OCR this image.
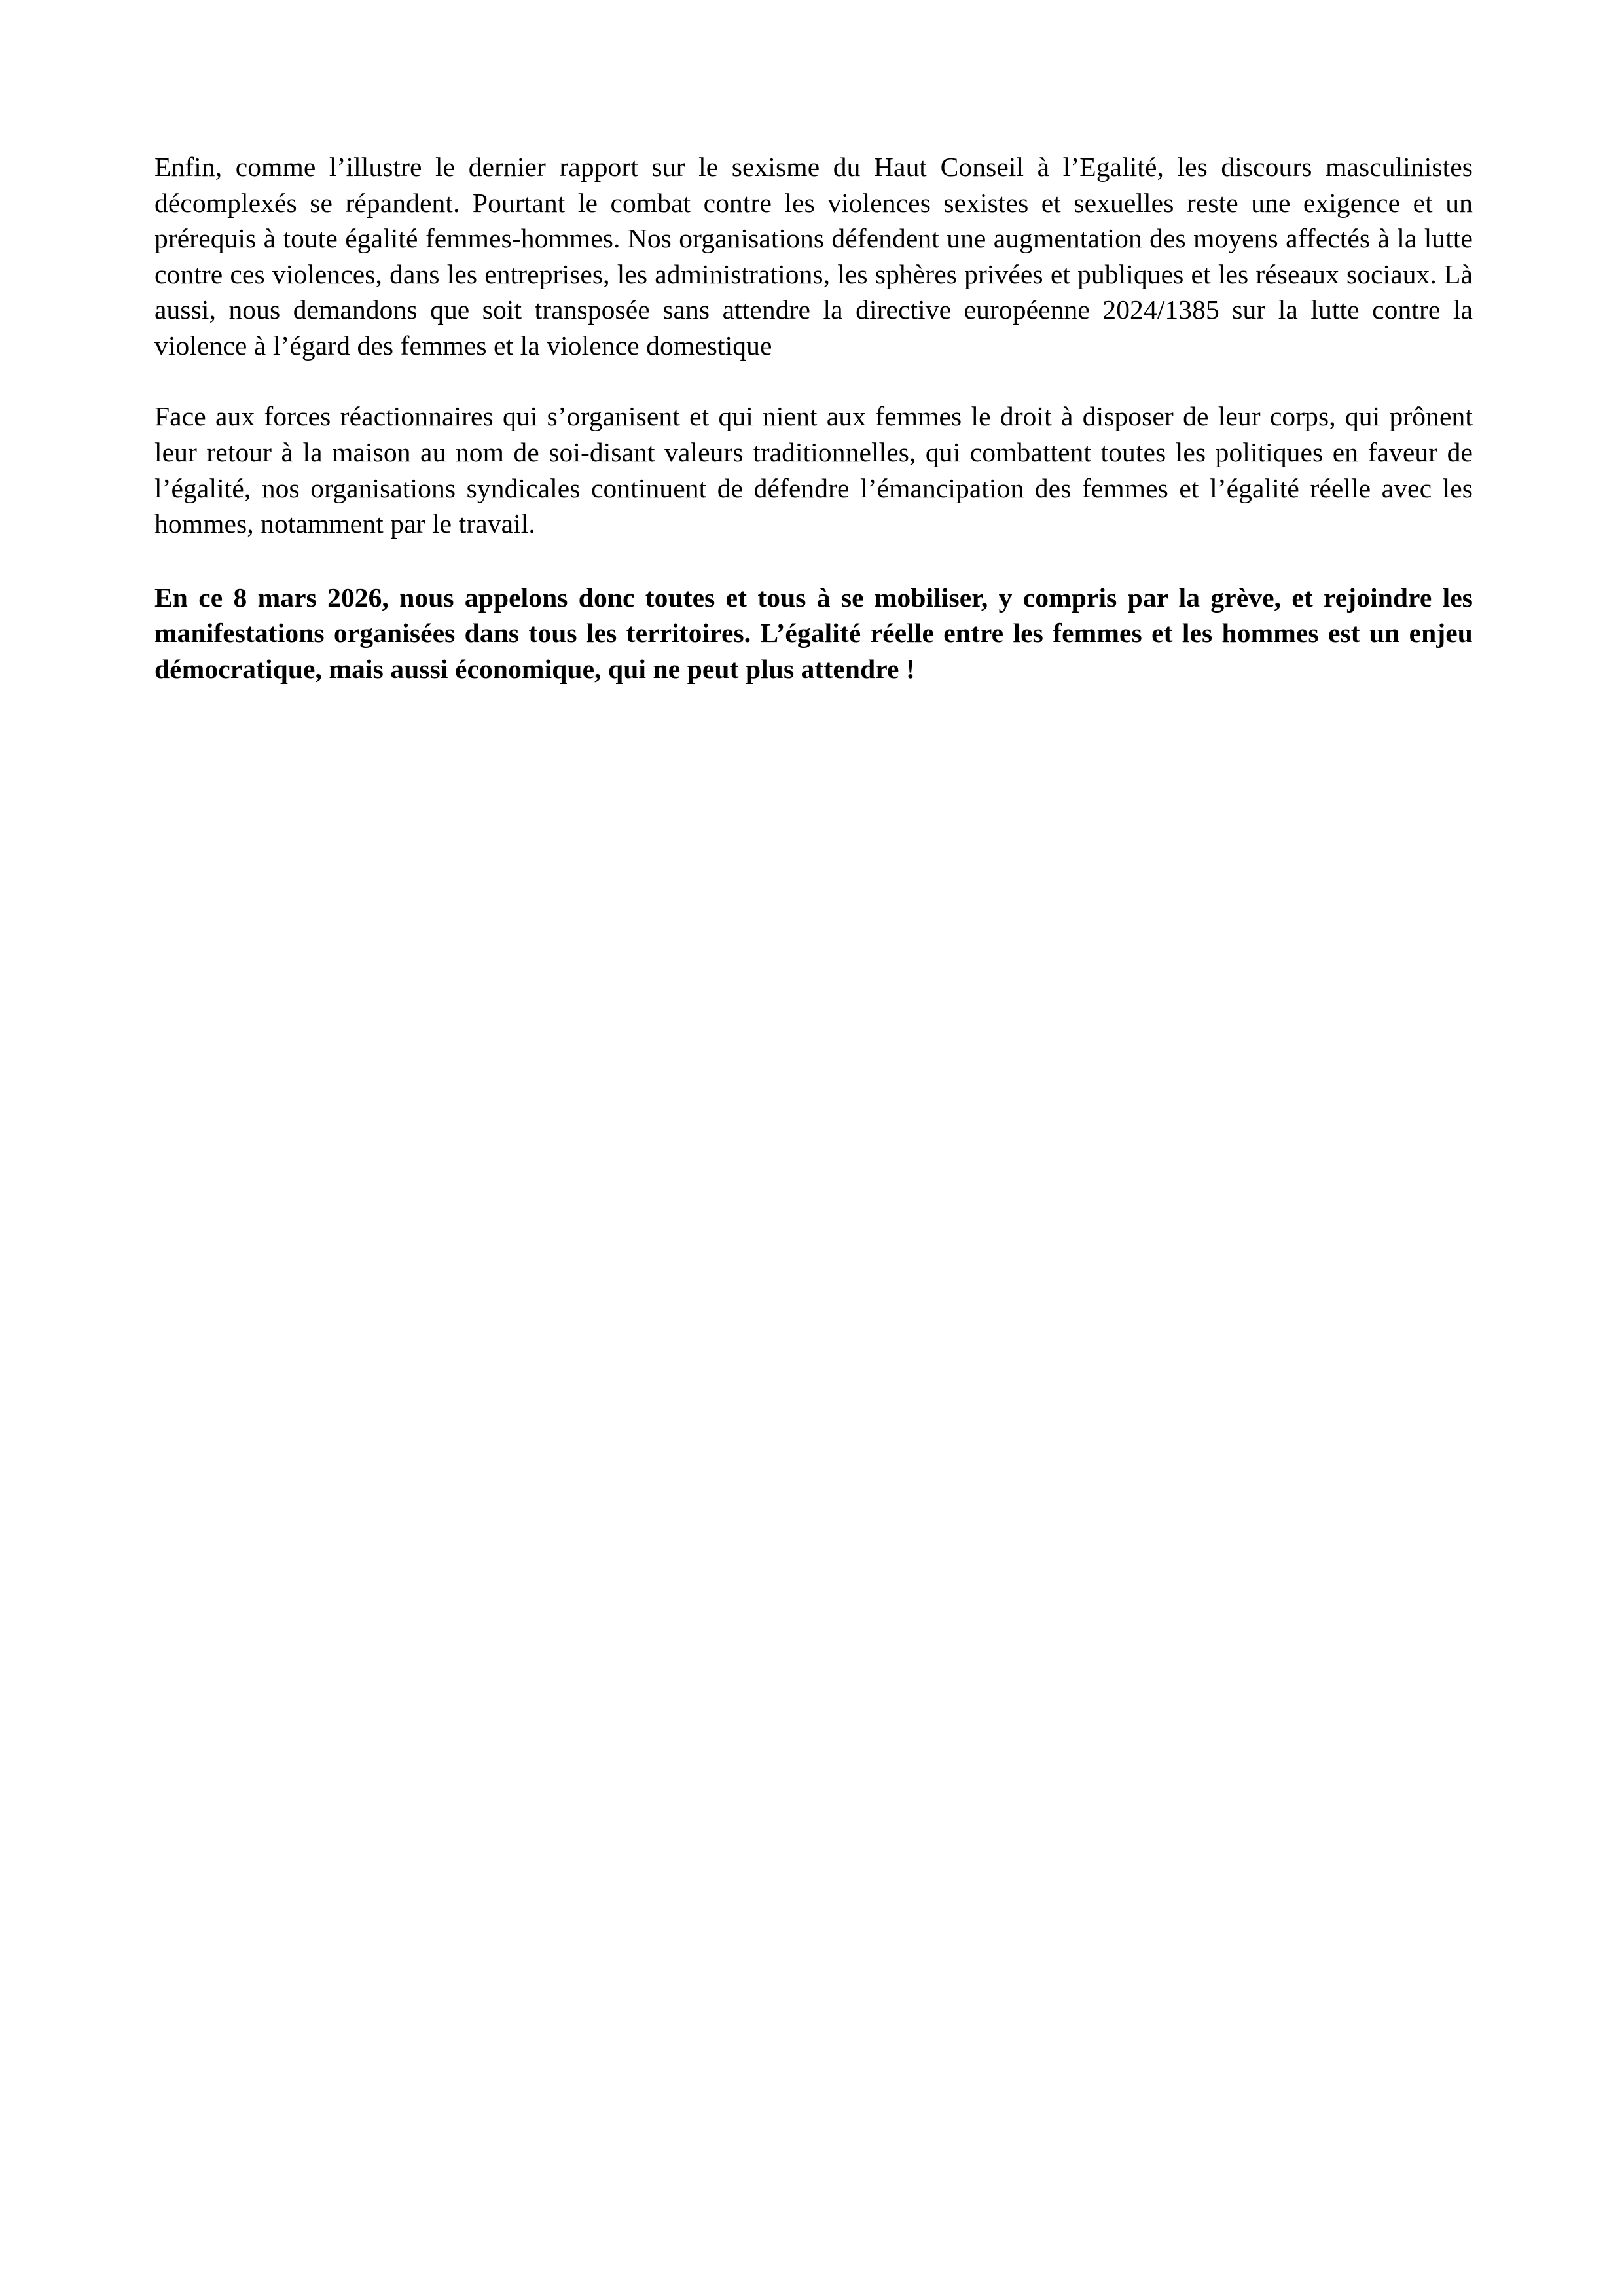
Enfin, comme l’illustre le dernier rapport sur le sexisme du Haut Conseil à l’Egalité, les discours masculinistes décomplexés se répandent. Pourtant le combat contre les violences sexistes et sexuelles reste une exigence et un prérequis à toute égalité femmes-hommes. Nos organisations défendent une augmentation des moyens affectés à la lutte contre ces violences, dans les entreprises, les administrations, les sphères privées et publiques et les réseaux sociaux. Là aussi, nous demandons que soit transposée sans attendre la directive européenne 2024/1385 sur la lutte contre la violence à l’égard des femmes et la violence domestique

Face aux forces réactionnaires qui s’organisent et qui nient aux femmes le droit à disposer de leur corps, qui prônent leur retour à la maison au nom de soi-disant valeurs traditionnelles, qui combattent toutes les politiques en faveur de l’égalité, nos organisations syndicales continuent de défendre l’émancipation des femmes et l’égalité réelle avec les hommes, notamment par le travail.

En ce 8 mars 2026, nous appelons donc toutes et tous à se mobiliser, y compris par la grève, et rejoindre les manifestations organisées dans tous les territoires. L’égalité réelle entre les femmes et les hommes est un enjeu démocratique, mais aussi économique, qui ne peut plus attendre !
